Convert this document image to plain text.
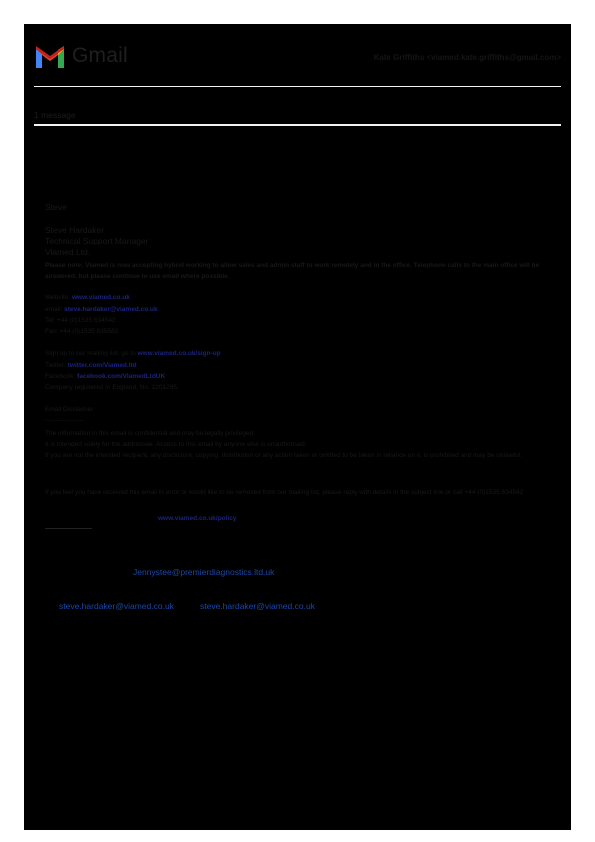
Gmail	Kate Griffiths <viamed.kate.griffiths@gmail.com>
1 message
Steve
Steve Hardaker
Technical Support Manager
Viamed Ltd.
Please note: Viamed is now accepting hybrid working to allow sales and admin staff to work remotely and in the office. Telephone calls to the main office will be answered, but please continue to use email where possible.
Website: www.viamed.co.uk
email: steve.hardaker@viamed.co.uk
Tel: +44 (0)1535 634542
Fax: +44 (0)1535 635582
Sign up to our mailing list, go to www.viamed.co.uk/sign-up
Twitter: twitter.com/Viamed.ltd
Facebook: facebook.com/ViamedLtdUK
Company registered in England, No. 1201295.
Email Disclaimer
------------------
The information in this email is confidential and may be legally privileged.
It is intended solely for the addressee. Access to this email by anyone else is unauthorised.
If you are not the intended recipient, any disclosure, copying, distribution or any action taken or omitted to be taken in reliance on it, is prohibited and may be unlawful.
If you feel you have received this email in error or would like to be removed from our mailing list, please reply with details in the subject line or call +44 (0)1535 634542
www.viamed.co.uk/policy
Jennystee@premierdiagnostics.ltd.uk
steve.hardaker@viamed.co.uk	steve.hardaker@viamed.co.uk
